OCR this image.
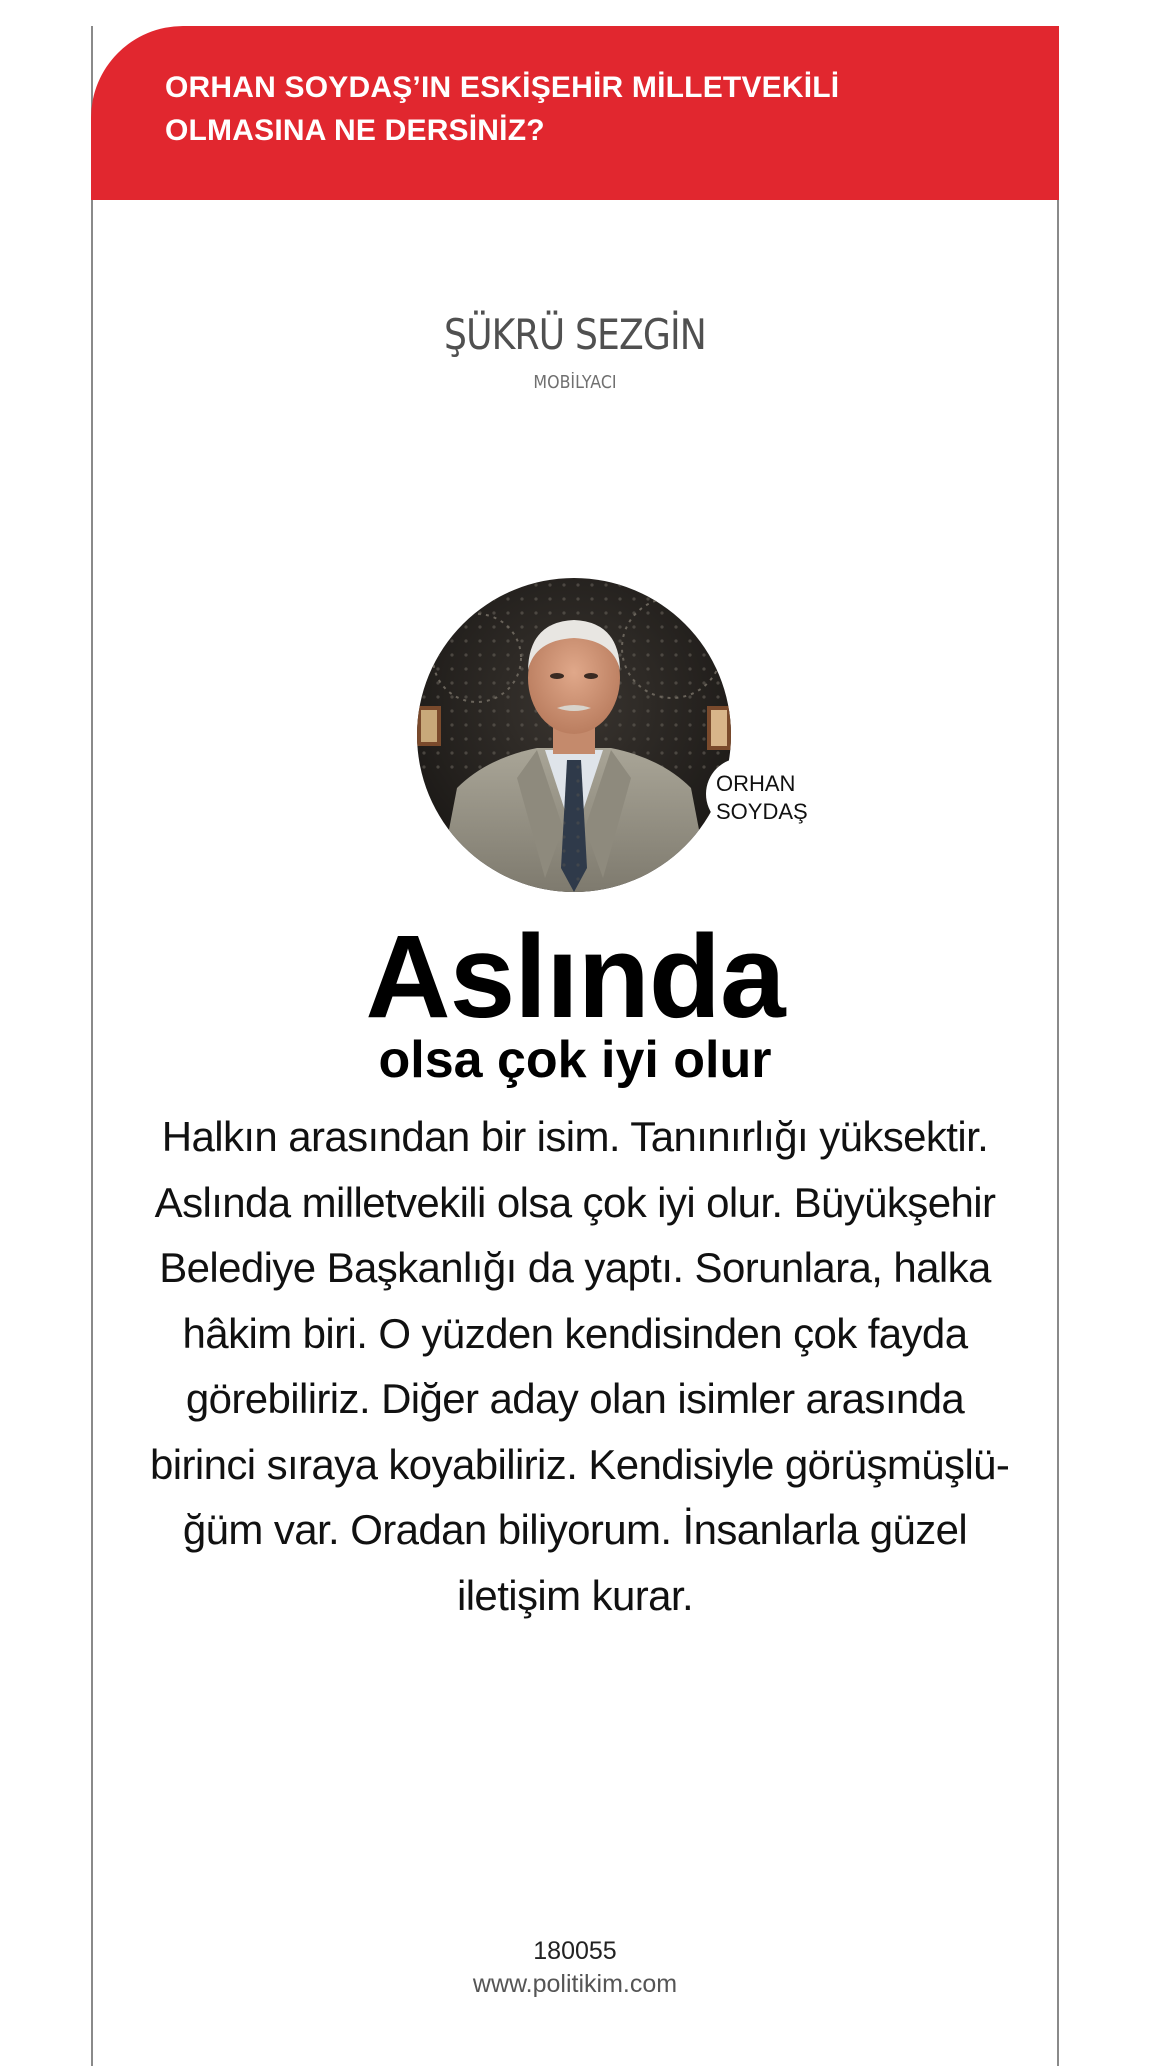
ORHAN SOYDAŞ’IN ESKİŞEHİR MİLLETVEKİLİ OLMASINA NE DERSİNİZ?
ŞÜKRÜ SEZGİN
MOBİLYACI
ORHAN
SOYDAŞ
Aslında
olsa çok iyi olur
Halkın arasından bir isim. Tanınırlığı yüksektir.
Aslında milletvekili olsa çok iyi olur. Büyükşehir
Belediye Başkanlığı da yaptı. Sorunlara, halka
hâkim biri. O yüzden kendisinden çok fayda
görebiliriz. Diğer aday olan isimler arasında
birinci sıraya koyabiliriz. Kendisiyle görüşmüşlü-
ğüm var. Oradan biliyorum. İnsanlarla güzel
iletişim kurar.
180055
www.politikim.com
